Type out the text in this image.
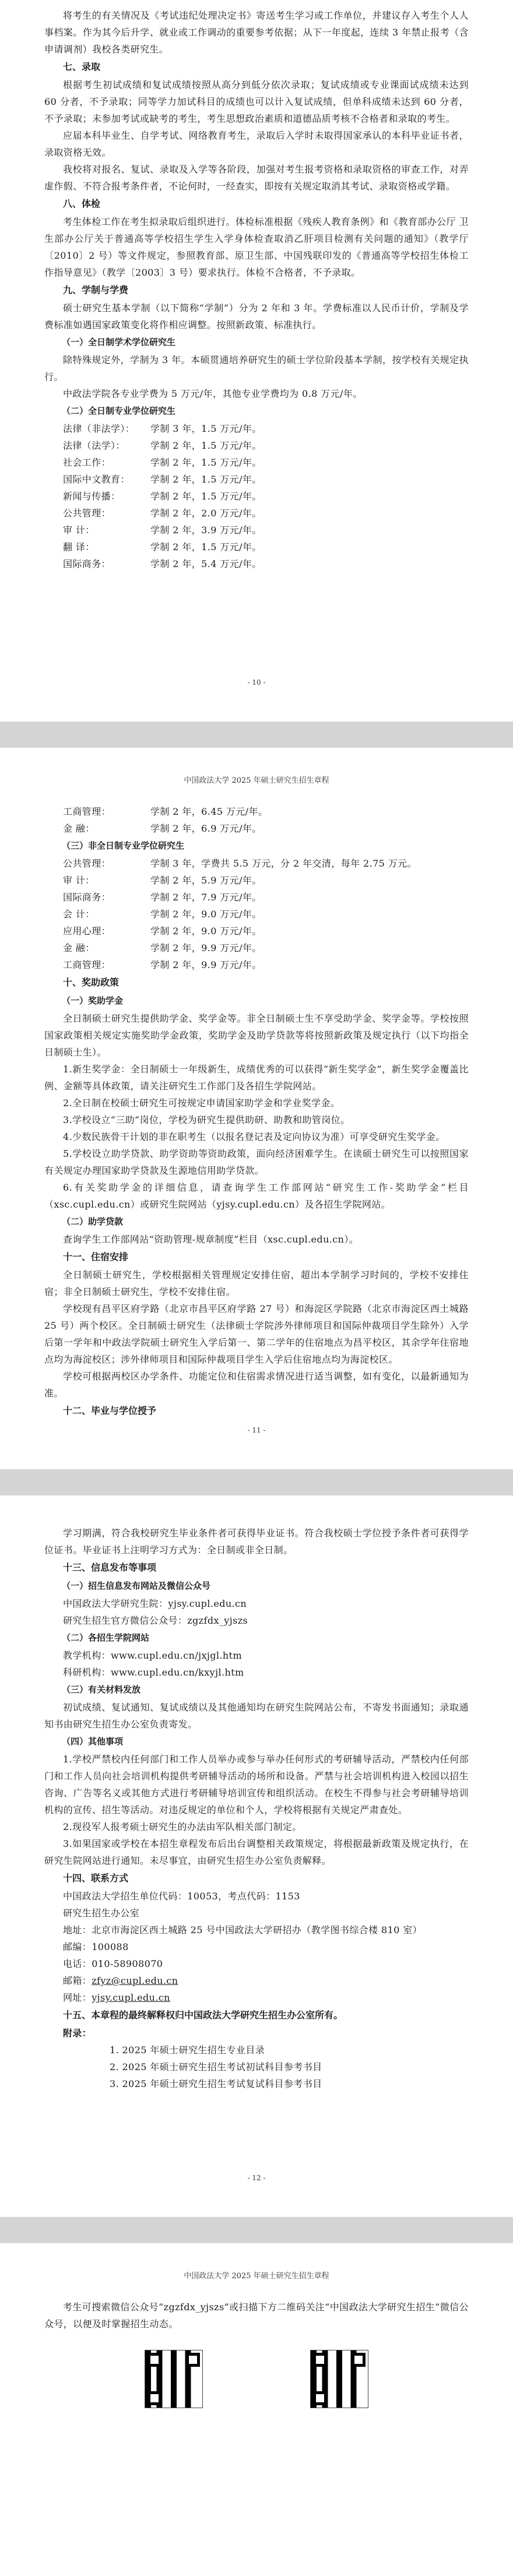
将考生的有关情况及《考试违纪处理决定书》寄送考生学习或工作单位，并建议存入考生个人人事档案。作为其今后升学、就业或工作调动的重要参考依据；从下一年度起，连续 3 年禁止报考（含申请调剂）我校各类研究生。

七、录取

根据考生初试成绩和复试成绩按照从高分到低分依次录取；复试成绩或专业课面试成绩未达到 60 分者，不予录取；同等学力加试科目的成绩也可以计入复试成绩，但单科成绩未达到 60 分者，不予录取；未参加考试或缺考的考生，考生思想政治素质和道德品质考核不合格者和录取的考生。

应届本科毕业生、自学考试、网络教育考生，录取后入学时未取得国家承认的本科毕业证书者，录取资格无效。

我校将对报名、复试、录取及入学等各阶段，加强对考生报考资格和录取资格的审查工作，对弄虚作假、不符合报考条件者，不论何时，一经查实，即按有关规定取消其考试、录取资格或学籍。

八、体检

考生体检工作在考生拟录取后组织进行。体检标准根据《残疾人教育条例》和《教育部办公厅 卫生部办公厅关于普通高等学校招生学生入学身体检查取消乙肝项目检测有关问题的通知》（教学厅〔2010〕2 号）等文件规定，参照教育部、原卫生部、中国残联印发的《普通高等学校招生体检工作指导意见》（教学〔2003〕3 号）要求执行。体检不合格者，不予录取。

九、学制与学费

硕士研究生基本学制（以下简称“学制”）分为 2 年和 3 年。学费标准以人民币计价，学制及学费标准如遇国家政策变化将作相应调整。按照新政策、标准执行。

（一）全日制学术学位研究生

除特殊规定外，学制为 3 年。本硕贯通培养研究生的硕士学位阶段基本学制，按学校有关规定执行。

中政法学院各专业学费为 5 万元/年，其他专业学费均为 0.8 万元/年。

（二）全日制专业学位研究生

法律（非法学）： 学制 3 年，1.5 万元/年。

法律（法学）：	学制 2 年，1.5 万元/年。

社会工作：	学制 2 年，1.5 万元/年。

国际中文教育： 学制 2 年，1.5 万元/年。

新闻与传播：	学制 2 年，1.5 万元/年。

公共管理：	学制 2 年，2.0 万元/年。

审 计：	学制 2 年，3.9 万元/年。

翻 译：	学制 2 年，1.5 万元/年。

国际商务：	学制 2 年，5.4 万元/年。

- 10 -
中国政法大学 2025 年硕士研究生招生章程

工商管理：	学制 2 年，6.45 万元/年。

金 融：	学制 2 年，6.9 万元/年。

（三）非全日制专业学位研究生

公共管理：	学制 3 年，学费共 5.5 万元，分 2 年交清，每年 2.75 万元。

审 计：	学制 2 年，5.9 万元/年。

国际商务：	学制 2 年，7.9 万元/年。

会 计：	学制 2 年，9.0 万元/年。

应用心理：	学制 2 年，9.0 万元/年。

金 融：	学制 2 年，9.9 万元/年。

工商管理：	学制 2 年，9.9 万元/年。

十、奖助政策

（一）奖助学金

全日制硕士研究生提供助学金、奖学金等。非全日制硕士生不享受助学金、奖学金等。学校按照国家政策相关规定实施奖助学金政策，奖助学金及助学贷款等将按照新政策及规定执行（以下均指全日制硕士生）。

1.新生奖学金：全日制硕士一年级新生，成绩优秀的可以获得“新生奖学金”，新生奖学金覆盖比例、金额等具体政策，请关注研究生工作部门及各招生学院网站。

2.全日制在校硕士研究生可按规定申请国家助学金和学业奖学金。

3.学校设立“三助”岗位，学校为研究生提供助研、助教和助管岗位。

4.少数民族骨干计划的非在职考生（以报名登记表及定向协议为准）可享受研究生奖学金。

5.学校设立助学贷款、助学资助等资助政策，面向经济困难学生。在读硕士研究生可以按照国家有关规定办理国家助学贷款及生源地信用助学贷款。

6.有关奖助学金的详细信息，请查询学生工作部网站“研究生工作-奖助学金”栏目（xsc.cupl.edu.cn）或研究生院网站（yjsy.cupl.edu.cn）及各招生学院网站。

（二）助学贷款

查询学生工作部网站“资助管理-规章制度”栏目（xsc.cupl.edu.cn）。

十一、住宿安排

全日制硕士研究生，学校根据相关管理规定安排住宿，超出本学制学习时间的，学校不安排住宿；非全日制硕士研究生，学校不安排住宿。

学校现有昌平区府学路（北京市昌平区府学路 27 号）和海淀区学院路（北京市海淀区西土城路 25 号）两个校区。全日制硕士研究生（法律硕士学院涉外律师项目和国际仲裁项目学生除外）入学后第一学年和中政法学院硕士研究生入学后第一、第二学年的住宿地点为昌平校区，其余学年住宿地点均为海淀校区；涉外律师项目和国际仲裁项目学生入学后住宿地点均为海淀校区。

学校可根据两校区办学条件、功能定位和住宿需求情况进行适当调整，如有变化，以最新通知为准。

十二、毕业与学位授予

- 11 -

学习期满，符合我校研究生毕业条件者可获得毕业证书。符合我校硕士学位授予条件者可获得学位证书。毕业证书上注明学习方式为：全日制或非全日制。

十三、信息发布等事项

（一）招生信息发布网站及微信公众号

中国政法大学研究生院：yjsy.cupl.edu.cn

研究生招生官方微信公众号：zgzfdx_yjszs

（二）各招生学院网站

教学机构：www.cupl.edu.cn/jxjgl.htm

科研机构：www.cupl.edu.cn/kxyjl.htm

（三）有关材料发放

初试成绩、复试通知、复试成绩以及其他通知均在研究生院网站公布，不寄发书面通知；录取通知书由研究生招生办公室负责寄发。

（四）其他事项

1.学校严禁校内任何部门和工作人员举办或参与举办任何形式的考研辅导活动，严禁校内任何部门和工作人员向社会培训机构提供考研辅导活动的场所和设备。严禁与社会培训机构进入校园以招生咨询、广告等名义或其他方式进行考研辅导培训宣传和组织活动。在校生不得参与社会考研辅导培训机构的宣传、招生等活动。对违反规定的单位和个人，学校将根据有关规定严肃查处。

2.现役军人报考硕士研究生的办法由军队相关部门制定。

3.如果国家或学校在本招生章程发布后出台调整相关政策规定，将根据最新政策及规定执行，在研究生院网站进行通知。未尽事宜，由研究生招生办公室负责解释。

十四、联系方式

中国政法大学招生单位代码：10053，考点代码：1153

研究生招生办公室

地址：北京市海淀区西土城路 25 号中国政法大学研招办（教学图书综合楼 810 室）

邮编：100088

电话：010-58908070

邮箱：zfyz@cupl.edu.cn

网址：yjsy.cupl.edu.cn

十五、本章程的最终解释权归中国政法大学研究生招生办公室所有。

附录：

1. 2025 年硕士研究生招生专业目录

2. 2025 年硕士研究生招生考试初试科目参考书目

3. 2025 年硕士研究生招生考试复试科目参考书目

- 12 -
中国政法大学 2025 年硕士研究生招生章程

考生可搜索微信公众号“zgzfdx_yjszs”或扫描下方二维码关注“中国政法大学研究生招生”微信公众号，以便及时掌握招生动态。
